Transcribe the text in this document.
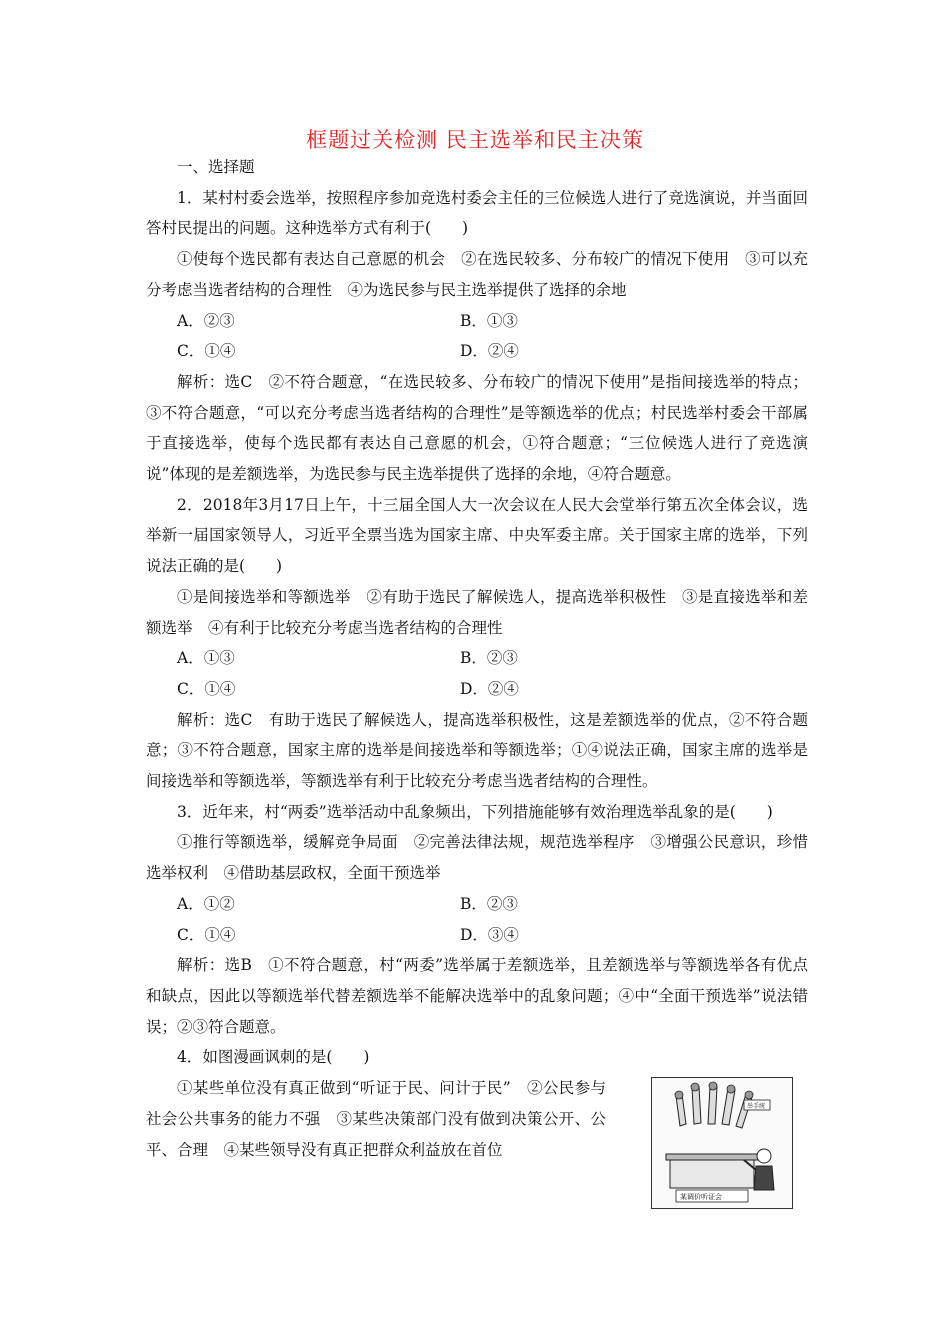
框题过关检测 民主选举和民主决策
一、选择题

1．某村村委会选举，按照程序参加竞选村委会主任的三位候选人进行了竞选演说，并当面回答村民提出的问题。这种选举方式有利于(　　)

①使每个选民都有表达自己意愿的机会　②在选民较多、分布较广的情况下使用　③可以充分考虑当选者结构的合理性　④为选民参与民主选举提供了选择的余地

A．②③	B．①③
C．①④	D．②④

解析：选C　②不符合题意，“在选民较多、分布较广的情况下使用”是指间接选举的特点；③不符合题意，“可以充分考虑当选者结构的合理性”是等额选举的优点；村民选举村委会干部属于直接选举，使每个选民都有表达自己意愿的机会，①符合题意；“三位候选人进行了竞选演说”体现的是差额选举，为选民参与民主选举提供了选择的余地，④符合题意。

2．2018年3月17日上午，十三届全国人大一次会议在人民大会堂举行第五次全体会议，选举新一届国家领导人，习近平全票当选为国家主席、中央军委主席。关于国家主席的选举，下列说法正确的是(　　)

①是间接选举和等额选举　②有助于选民了解候选人，提高选举积极性　③是直接选举和差额选举　④有利于比较充分考虑当选者结构的合理性

A．①③	B．②③
C．①④	D．②④

解析：选C　有助于选民了解候选人，提高选举积极性，这是差额选举的优点，②不符合题意；③不符合题意，国家主席的选举是间接选举和等额选举；①④说法正确，国家主席的选举是间接选举和等额选举，等额选举有利于比较充分考虑当选者结构的合理性。

3．近年来，村“两委”选举活动中乱象频出，下列措施能够有效治理选举乱象的是(　　)

①推行等额选举，缓解竞争局面　②完善法律法规，规范选举程序　③增强公民意识，珍惜选举权利　④借助基层政权，全面干预选举

A．①②	B．②③
C．①④	D．③④

解析：选B　①不符合题意，村“两委”选举属于差额选举，且差额选举与等额选举各有优点和缺点，因此以等额选举代替差额选举不能解决选举中的乱象问题；④中“全面干预选举”说法错误；②③符合题意。

4．如图漫画讽刺的是(　　)

①某些单位没有真正做到“听证于民、问计于民”　②公民参与社会公共事务的能力不强　③某些决策部门没有做到决策公开、公平、合理　④某些领导没有真正把群众利益放在首位

举手统
某调价听证会
